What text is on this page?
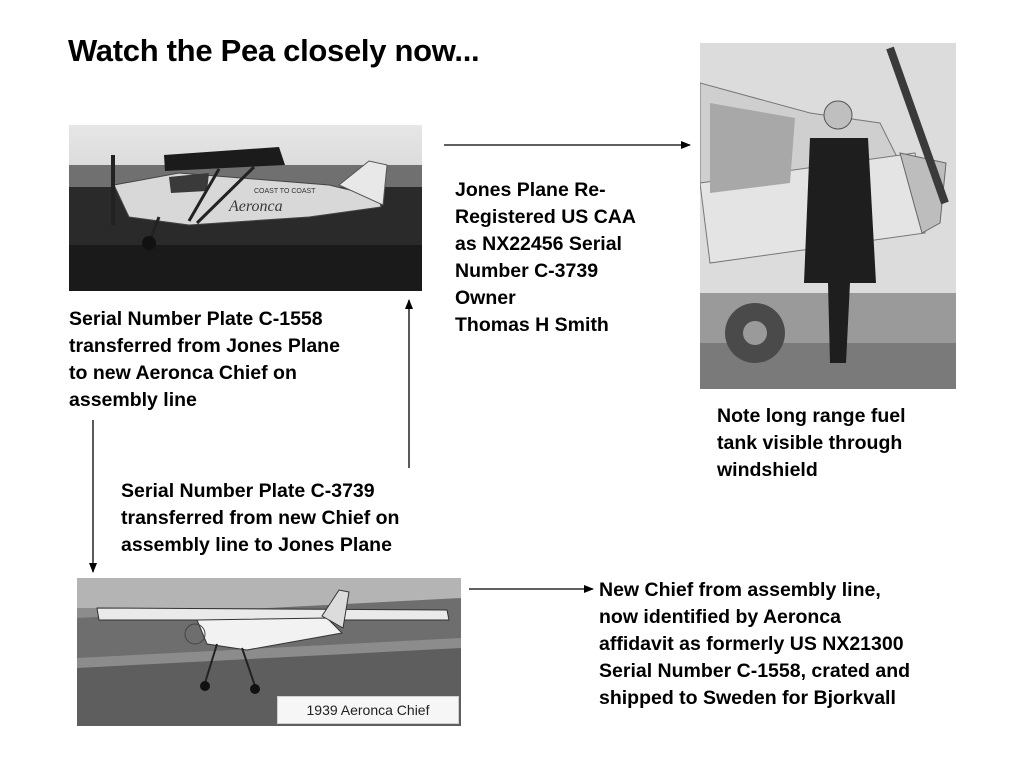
Watch the Pea closely now...
Aeronca
COAST TO COAST
1939 Aeronca Chief
Serial Number Plate C-1558
transferred from Jones Plane
to new Aeronca Chief on
assembly line
Jones Plane Re-
Registered US CAA
as NX22456 Serial
Number C-3739
Owner
Thomas H Smith
Note long range fuel
tank visible through
windshield
Serial Number Plate C-3739
transferred from new Chief on
assembly line to Jones Plane
New Chief from assembly line,
now identified by Aeronca
affidavit as formerly US NX21300
Serial Number C-1558, crated and
shipped to Sweden for Bjorkvall
